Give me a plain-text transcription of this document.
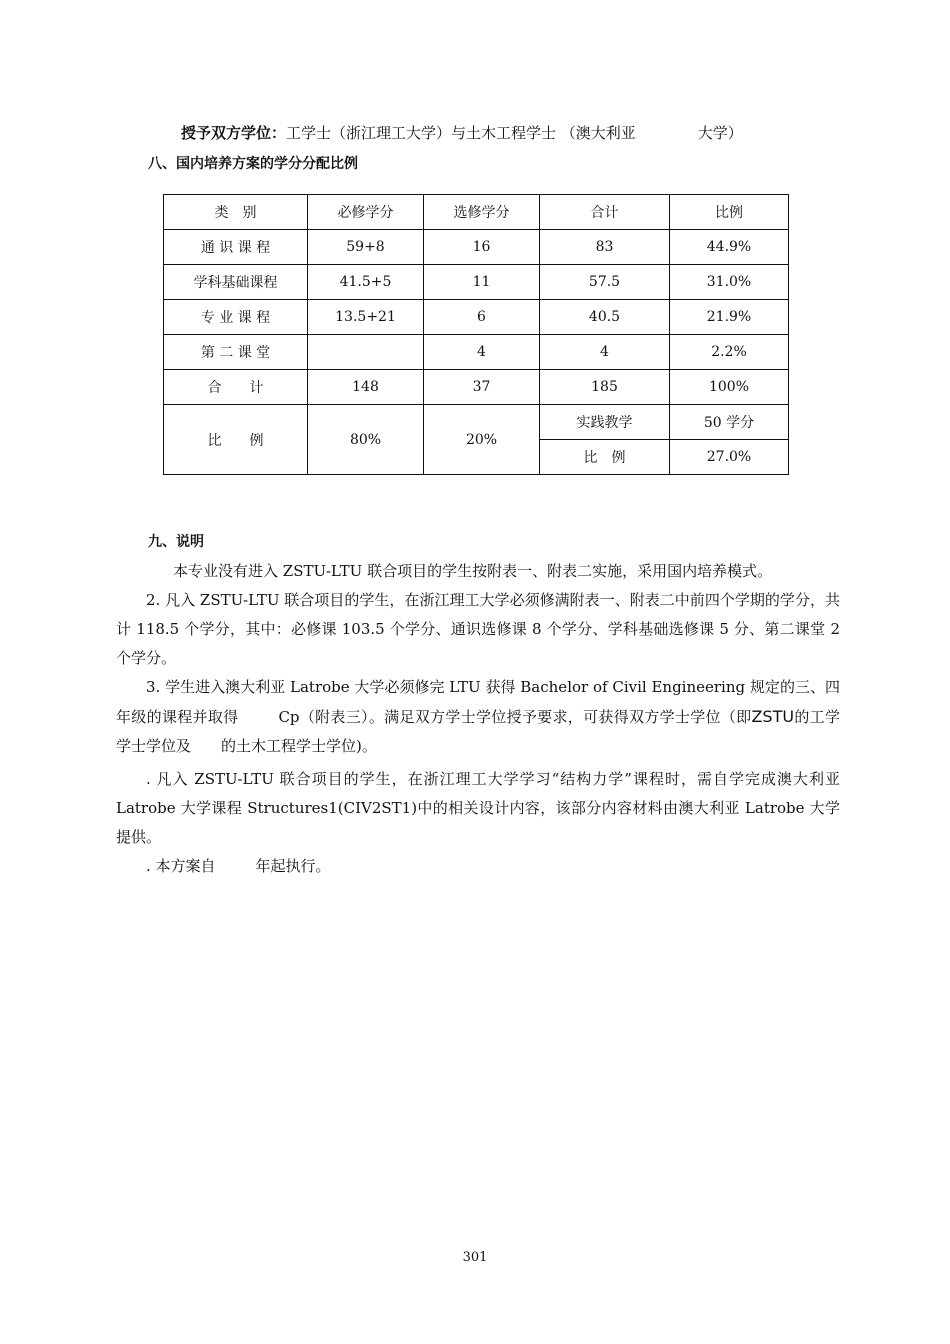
授予双方学位：工学士（浙江理工大学）与土木工程学士 （澳大利亚	大学）
八、国内培养方案的学分分配比例
类　别	必修学分	选修学分	合计	比例
通 识 课 程	59+8	16	83	44.9%
学科基础课程	41.5+5	11	57.5	31.0%
专 业 课 程	13.5+21	6	40.5	21.9%
第 二 课 堂		4	4	2.2%
合　　计	148	37	185	100%
比　　例	80%	20%	实践教学	50 学分
			比　例	27.0%
九、说明

本专业没有进入 ZSTU-LTU 联合项目的学生按附表一、附表二实施，采用国内培养模式。

2. 凡入 ZSTU-LTU 联合项目的学生，在浙江理工大学必须修满附表一、附表二中前四个学期的学分，共计 118.5 个学分，其中：必修课 103.5 个学分、通识选修课 8 个学分、学科基础选修课 5 分、第二课堂 2 个学分。

3. 学生进入澳大利亚 Latrobe 大学必须修完 LTU 获得 Bachelor of Civil Engineering 规定的三、四年级的课程并取得	Cp（附表三）。满足双方学士学位授予要求，可获得双方学士学位（即ZSTU的工学学士学位及 的土木工程学士学位)。

. 凡入 ZSTU-LTU 联合项目的学生，在浙江理工大学学习“结构力学”课程时，需自学完成澳大利亚 Latrobe 大学课程 Structures1(CIV2ST1)中的相关设计内容，该部分内容材料由澳大利亚 Latrobe 大学提供。

. 本方案自	年起执行。

301
